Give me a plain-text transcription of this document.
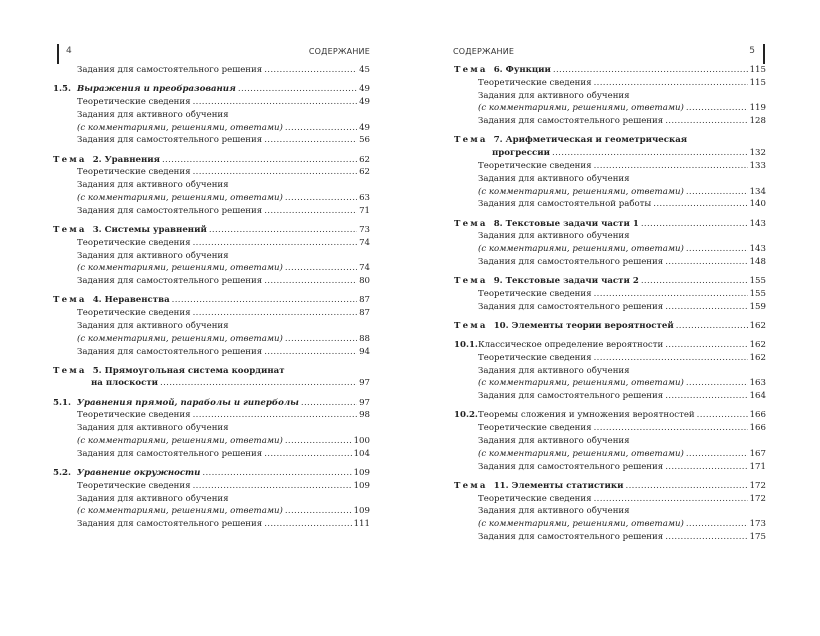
4	СОДЕРЖАНИЕ
Задания для самостоятельного решения . . .	45
1.5. Выражения и преобразования . . .	49
Теоретические сведения . . .	49
Задания для активного обучения
(с комментариями, решениями, ответами) . . .	49
Задания для самостоятельного решения . . .	56
Тема 2. Уравнения . . .	62
Теоретические сведения . . .	62
Задания для активного обучения
(с комментариями, решениями, ответами) . . .	63
Задания для самостоятельного решения . . .	71
Тема 3. Системы уравнений . . .	73
Теоретические сведения . . .	74
Задания для активного обучения
(с комментариями, решениями, ответами) . . .	74
Задания для самостоятельного решения . . .	80
Тема 4. Неравенства . . .	87
Теоретические сведения . . .	87
Задания для активного обучения
(с комментариями, решениями, ответами) . . .	88
Задания для самостоятельного решения . . .	94
Тема 5. Прямоугольная система координат
на плоскости . . .	97
5.1. Уравнения прямой, параболы и гиперболы . . .	97
Теоретические сведения . . .	98
Задания для активного обучения
(с комментариями, решениями, ответами) . . .	100
Задания для самостоятельного решения . . .	104
5.2. Уравнение окружности . . .	109
Теоретические сведения . . .	109
Задания для активного обучения
(с комментариями, решениями, ответами) . . .	109
Задания для самостоятельного решения . . .	111
СОДЕРЖАНИЕ	5
Тема 6. Функции . . .	115
Теоретические сведения . . .	115
Задания для активного обучения
(с комментариями, решениями, ответами) . . .	119
Задания для самостоятельного решения . . .	128
Тема 7. Арифметическая и геометрическая
прогрессии . . .	132
Теоретические сведения . . .	133
Задания для активного обучения
(с комментариями, решениями, ответами) . . .	134
Задания для самостоятельной работы . . .	140
Тема 8. Текстовые задачи части 1 . . .	143
Задания для активного обучения
(с комментариями, решениями, ответами) . . .	143
Задания для самостоятельного решения . . .	148
Тема 9. Текстовые задачи части 2 . . .	155
Теоретические сведения . . .	155
Задания для самостоятельного решения . . .	159
Тема 10. Элементы теории вероятностей . . .	162
10.1.Классическое определение вероятности . . .	162
Теоретические сведения . . .	162
Задания для активного обучения
(с комментариями, решениями, ответами) . . .	163
Задания для самостоятельного решения . . .	164
10.2.Теоремы сложения и умножения вероятностей . . .	166
Теоретические сведения . . .	166
Задания для активного обучения
(с комментариями, решениями, ответами) . . .	167
Задания для самостоятельного решения . . .	171
Тема 11. Элементы статистики . . .	172
Теоретические сведения . . .	172
Задания для активного обучения
(с комментариями, решениями, ответами) . . .	173
Задания для самостоятельного решения . . .	175
